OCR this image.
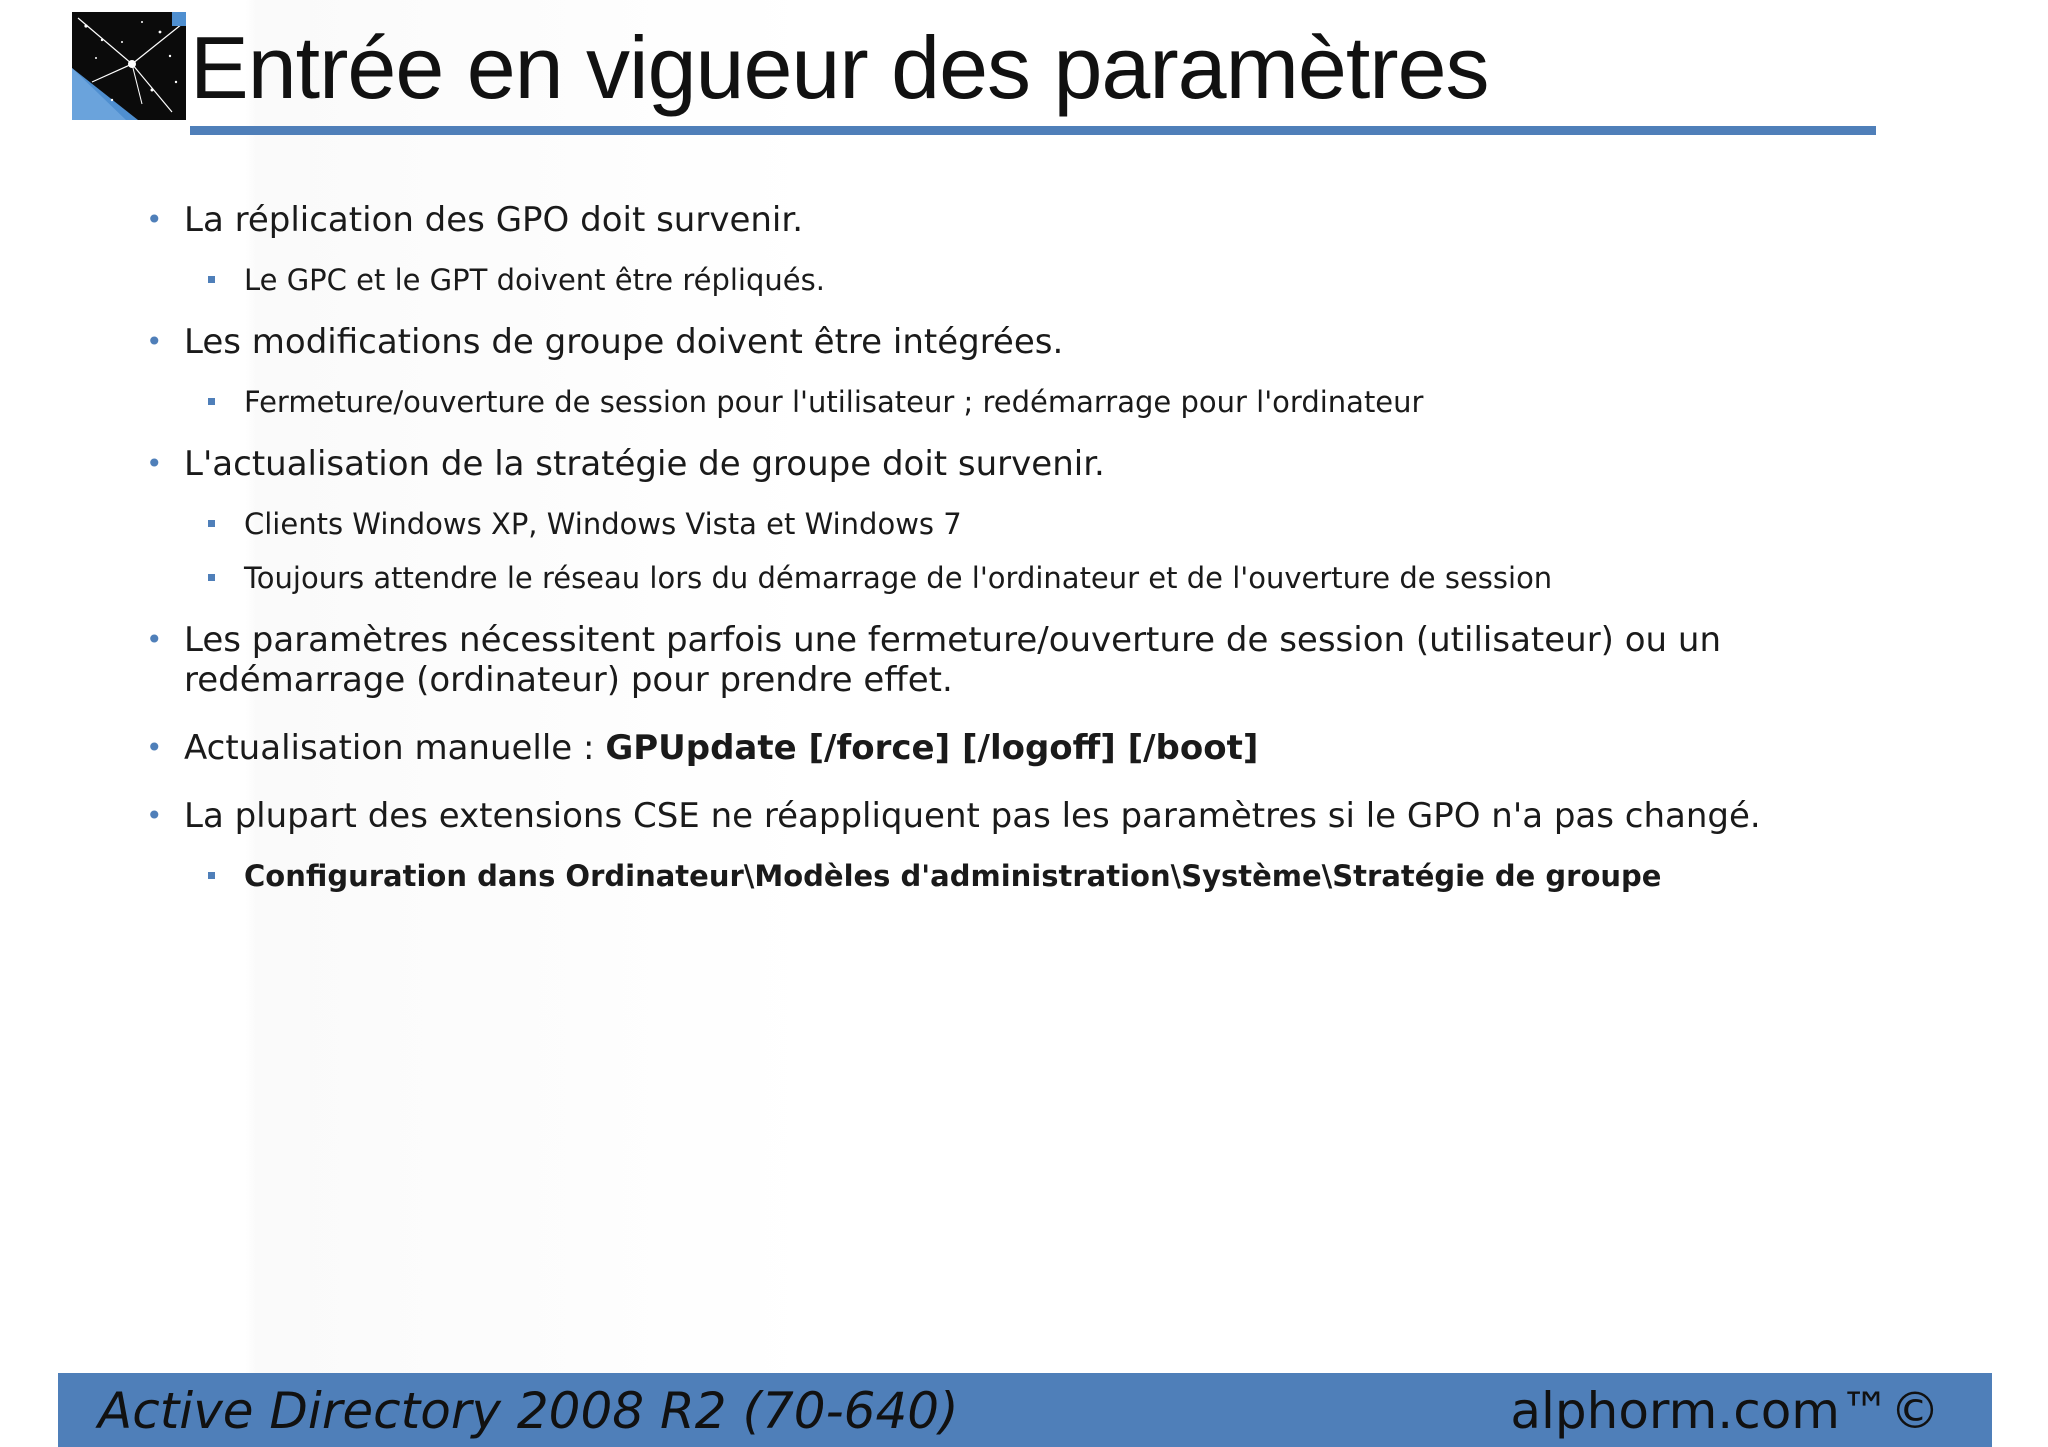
Entrée en vigueur des paramètres
• La réplication des GPO doit survenir.
Le GPC et le GPT doivent être répliqués.
• Les modifications de groupe doivent être intégrées.
Fermeture/ouverture de session pour l'utilisateur ; redémarrage pour l'ordinateur
• L'actualisation de la stratégie de groupe doit survenir.
Clients Windows XP, Windows Vista et Windows 7
Toujours attendre le réseau lors du démarrage de l'ordinateur et de l'ouverture de session
• Les paramètres nécessitent parfois une fermeture/ouverture de session (utilisateur) ou un redémarrage (ordinateur) pour prendre effet.
• Actualisation manuelle : GPUpdate [/force] [/logoff] [/boot]
• La plupart des extensions CSE ne réappliquent pas les paramètres si le GPO n'a pas changé.
Configuration dans Ordinateur\Modèles d'administration\Système\Stratégie de groupe
Active Directory 2008 R2 (70-640)	alphorm.com™©
